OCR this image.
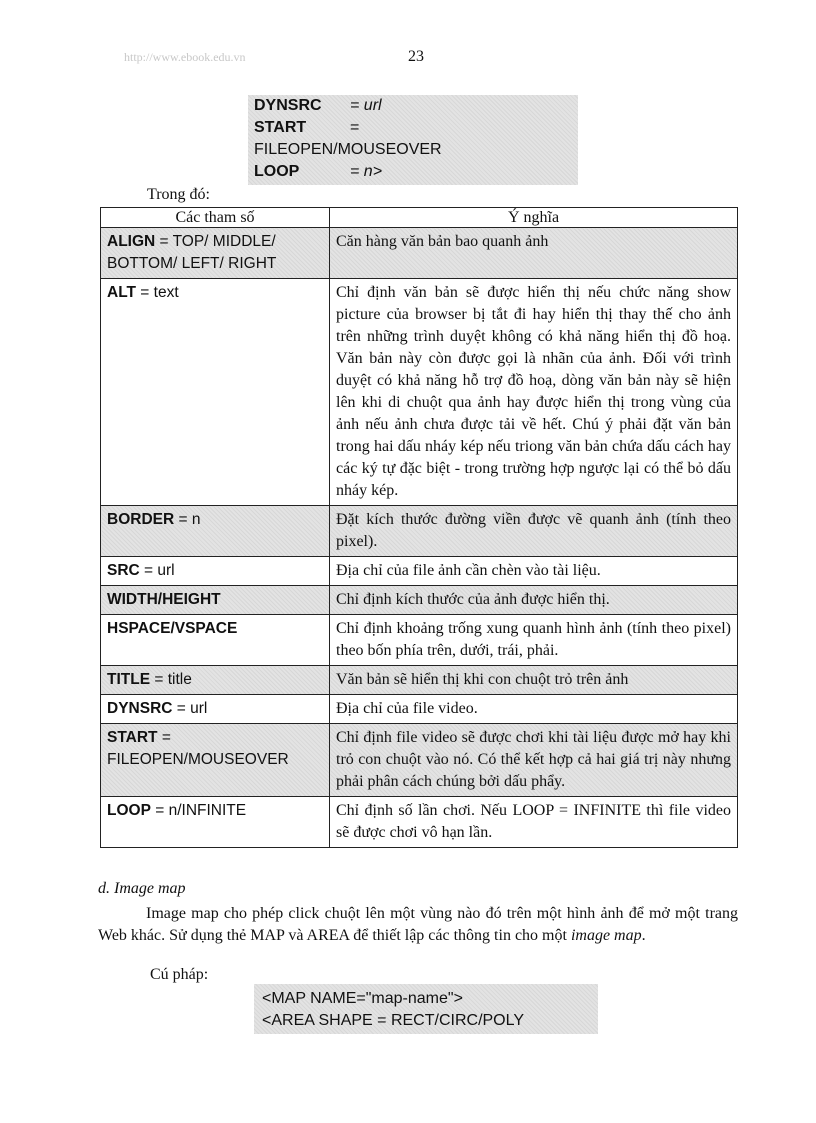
http://www.ebook.edu.vn	23
DYNSRC = url
START	=
FILEOPEN/MOUSEOVER
LOOP	= n>
Trong đó:
Các tham số	Ý nghĩa
ALIGN = TOP/ MIDDLE/ BOTTOM/ LEFT/ RIGHT	Căn hàng văn bản bao quanh ảnh
ALT = text	Chỉ định văn bản sẽ được hiển thị nếu chức năng show picture của browser bị tắt đi hay hiển thị thay thế cho ảnh trên những trình duyệt không có khả năng hiển thị đồ hoạ. Văn bản này còn được gọi là nhãn của ảnh. Đối với trình duyệt có khả năng hỗ trợ đồ hoạ, dòng văn bản này sẽ hiện lên khi di chuột qua ảnh hay được hiển thị trong vùng của ảnh nếu ảnh chưa được tải về hết. Chú ý phải đặt văn bản trong hai dấu nháy kép nếu triong văn bản chứa dấu cách hay các ký tự đặc biệt - trong trường hợp ngược lại có thể bỏ dấu nháy kép.
BORDER = n	Đặt kích thước đường viền được vẽ quanh ảnh (tính theo pixel).
SRC = url	Địa chỉ của file ảnh cần chèn vào tài liệu.
WIDTH/HEIGHT	Chỉ định kích thước của ảnh được hiển thị.
HSPACE/VSPACE	Chỉ định khoảng trống xung quanh hình ảnh (tính theo pixel) theo bốn phía trên, dưới, trái, phải.
TITLE = title	Văn bản sẽ hiển thị khi con chuột trỏ trên ảnh
DYNSRC = url	Địa chỉ của file video.
START = FILEOPEN/MOUSEOVER	Chỉ định file video sẽ được chơi khi tài liệu được mở hay khi trỏ con chuột vào nó. Có thể kết hợp cả hai giá trị này nhưng phải phân cách chúng bởi dấu phẩy.
LOOP = n/INFINITE	Chỉ định số lần chơi. Nếu LOOP = INFINITE thì file video sẽ được chơi vô hạn lần.
d. Image map
Image map cho phép click chuột lên một vùng nào đó trên một hình ảnh để mở một trang Web khác. Sử dụng thẻ MAP và AREA để thiết lập các thông tin cho một image map.
Cú pháp:
<MAP NAME="map-name">
<AREA SHAPE = RECT/CIRC/POLY
